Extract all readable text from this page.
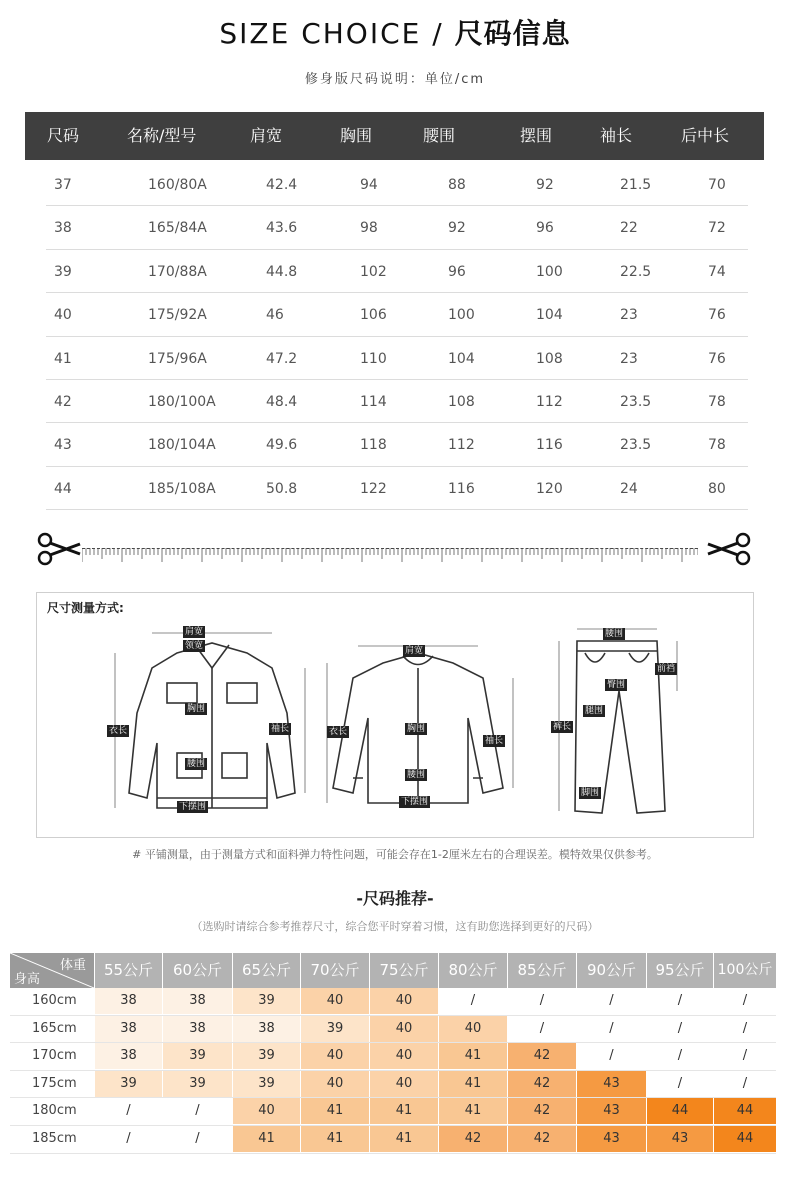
SIZE CHOICE / 尺码信息
修身版尺码说明：单位/cm
尺码	名称/型号	肩宽	胸围	腰围	摆围	袖长	后中长
37	160/80A	42.4	94	88	92	21.5	70
38	165/84A	43.6	98	92	96	22	72
39	170/88A	44.8	102	96	100	22.5	74
40	175/92A	46	106	100	104	23	76
41	175/96A	47.2	110	104	108	23	76
42	180/100A	48.4	114	108	112	23.5	78
43	180/104A	49.6	118	112	116	23.5	78
44	185/108A	50.8	122	116	120	24	80
尺寸测量方式:
肩宽
领宽
胸围
衣长	袖长
腰围
下摆围
肩宽
胸围
衣长
袖长
腰围
下摆围
腰围
前裆
臀围
腿围
裤长
脚围
# 平铺测量，由于测量方式和面料弹力特性问题，可能会存在1-2厘米左右的合理误差。模特效果仅供参考。
-尺码推荐-
（选购时请综合参考推荐尺寸，综合您平时穿着习惯，这有助您选择到更好的尺码）
体重
身高
55公斤	60公斤	65公斤	70公斤	75公斤	80公斤	85公斤	90公斤	95公斤 100公斤
160cm	38	38	39	40	40	/	/	/	/	/
165cm	38	38	38	39	40	40	/	/	/	/
170cm	38	39	39	40	40	41	42	/	/	/
175cm	39	39	39	40	40	41	42	43	/	/
180cm	/	/	40	41	41	41	42	43	44	44
185cm	/	/	41	41	41	42	42	43	43	44
